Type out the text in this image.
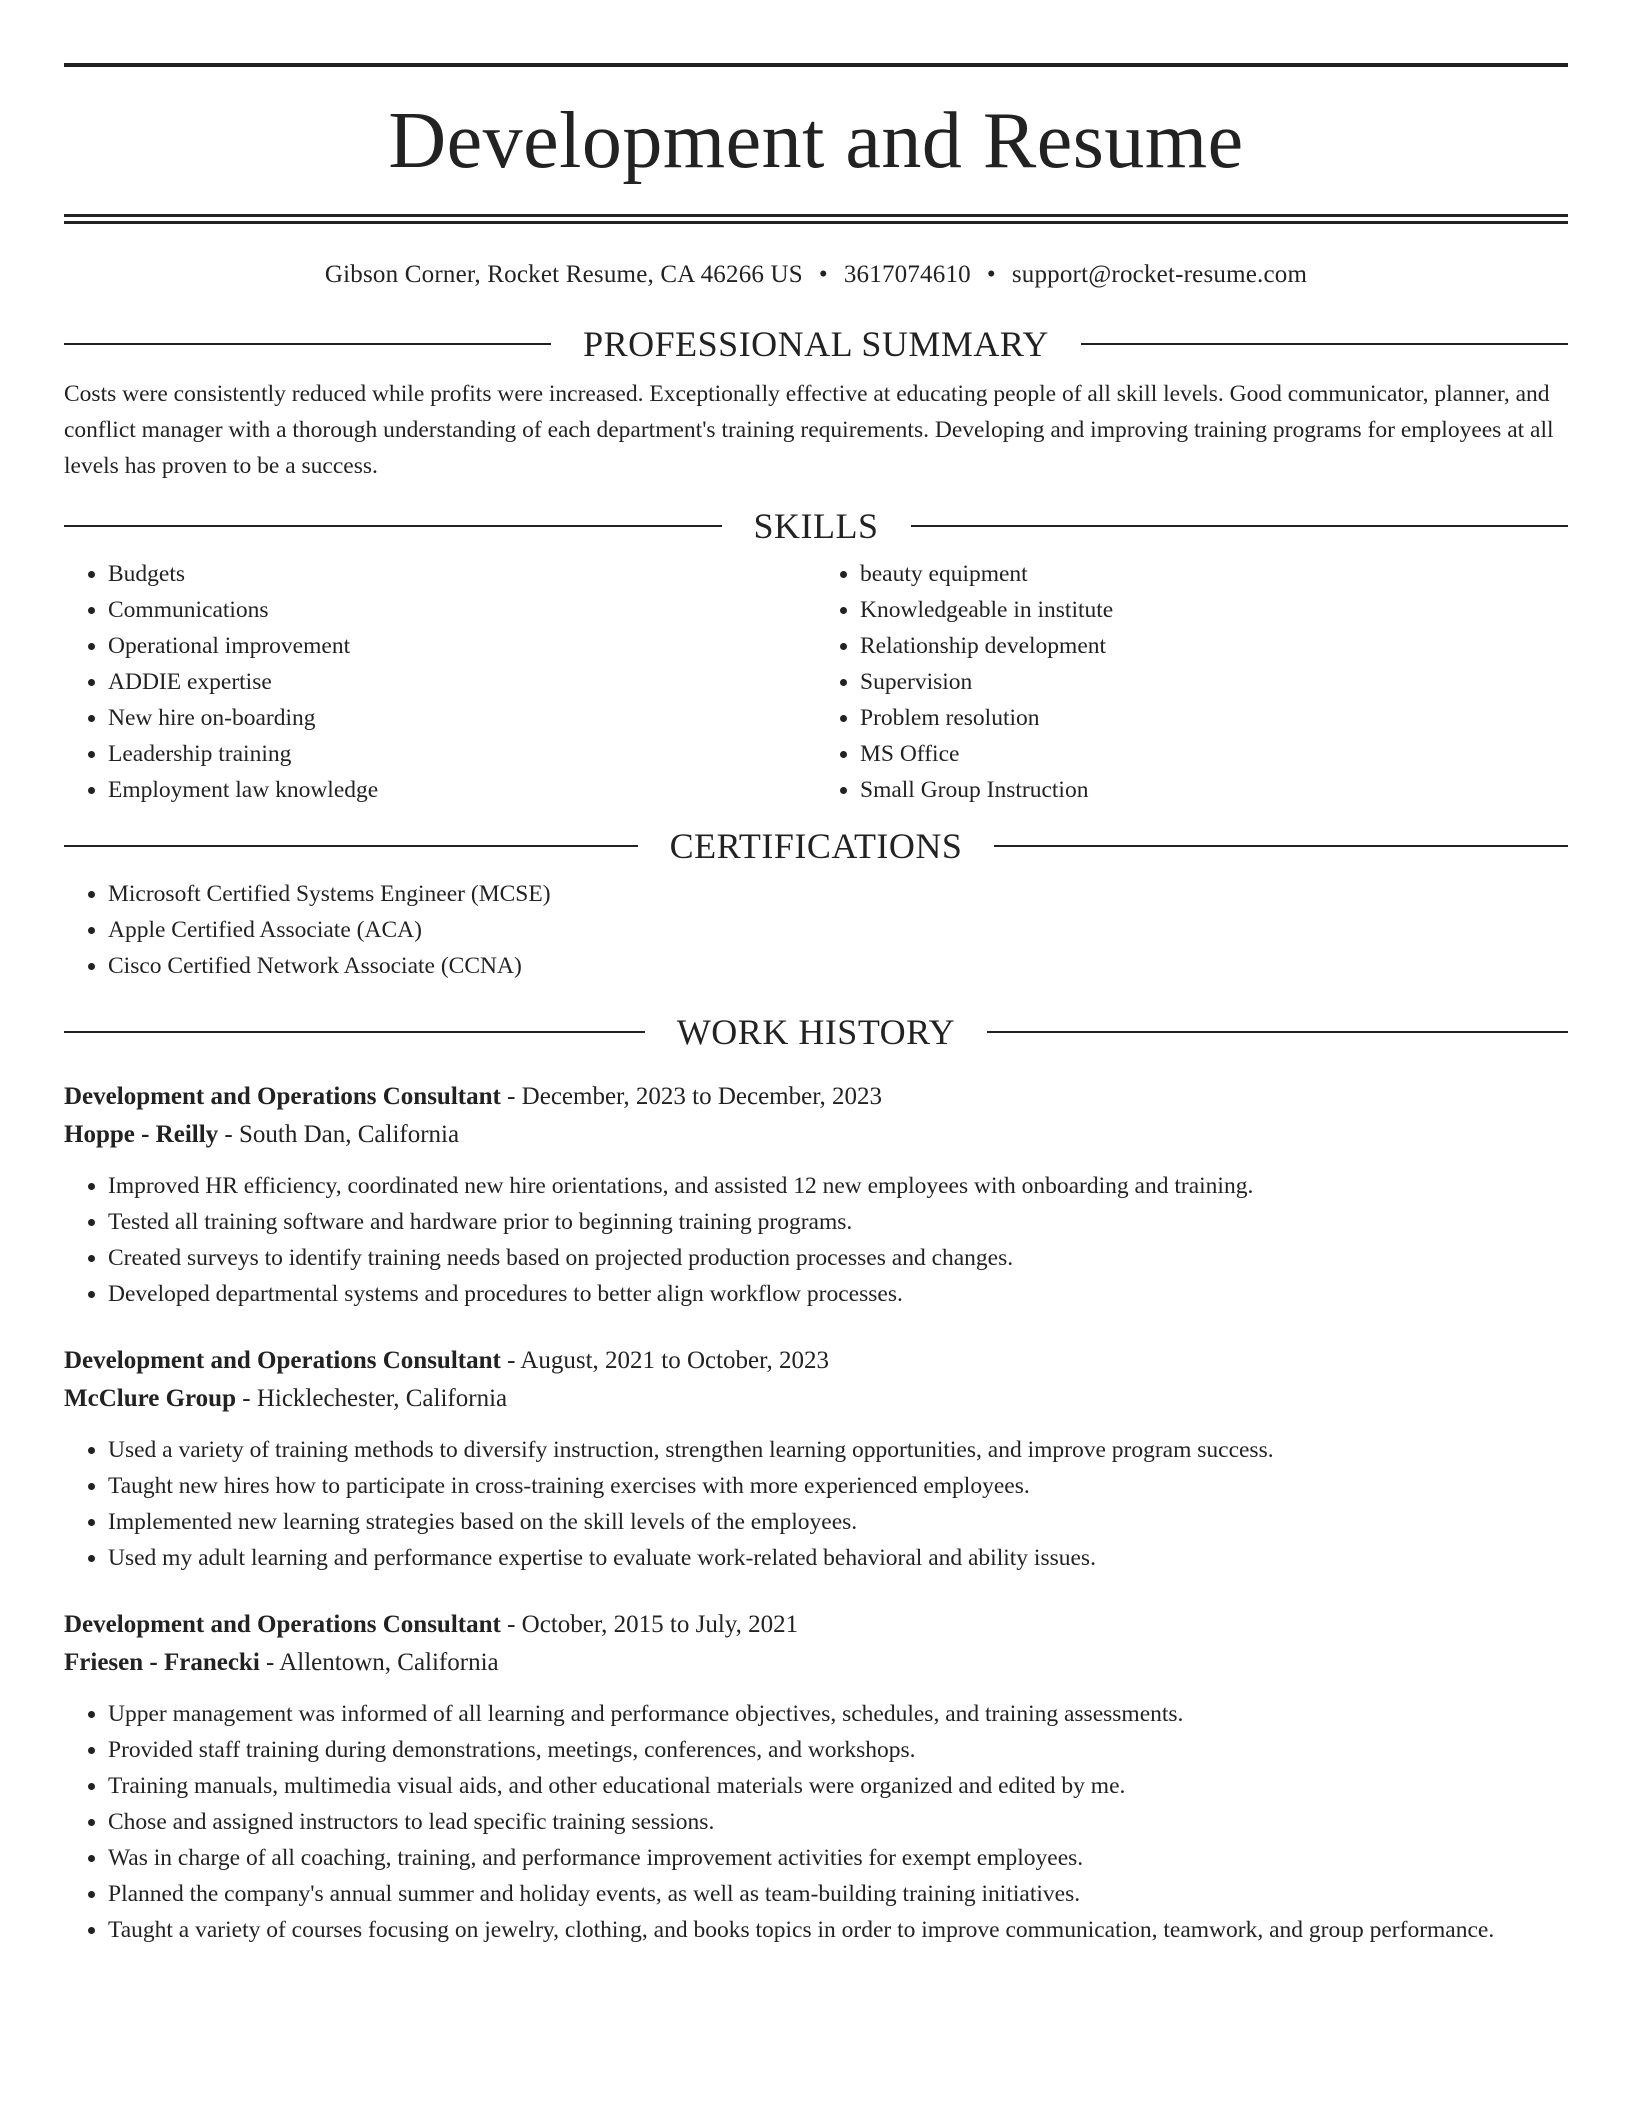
Development and Resume
Gibson Corner, Rocket Resume, CA 46266 US • 3617074610 • support@rocket-resume.com
PROFESSIONAL SUMMARY
Costs were consistently reduced while profits were increased. Exceptionally effective at educating people of all skill levels. Good communicator, planner, and conflict manager with a thorough understanding of each department's training requirements. Developing and improving training programs for employees at all levels has proven to be a success.
SKILLS
• Budgets
• Communications
• Operational improvement
• ADDIE expertise
• New hire on-boarding
• Leadership training
• Employment law knowledge
• beauty equipment
• Knowledgeable in institute
• Relationship development
• Supervision
• Problem resolution
• MS Office
• Small Group Instruction
CERTIFICATIONS
• Microsoft Certified Systems Engineer (MCSE)
• Apple Certified Associate (ACA)
• Cisco Certified Network Associate (CCNA)
WORK HISTORY
Development and Operations Consultant - December, 2023 to December, 2023
Hoppe - Reilly - South Dan, California
• Improved HR efficiency, coordinated new hire orientations, and assisted 12 new employees with onboarding and training.
• Tested all training software and hardware prior to beginning training programs.
• Created surveys to identify training needs based on projected production processes and changes.
• Developed departmental systems and procedures to better align workflow processes.
Development and Operations Consultant - August, 2021 to October, 2023
McClure Group - Hicklechester, California
• Used a variety of training methods to diversify instruction, strengthen learning opportunities, and improve program success.
• Taught new hires how to participate in cross-training exercises with more experienced employees.
• Implemented new learning strategies based on the skill levels of the employees.
• Used my adult learning and performance expertise to evaluate work-related behavioral and ability issues.
Development and Operations Consultant - October, 2015 to July, 2021
Friesen - Franecki - Allentown, California
• Upper management was informed of all learning and performance objectives, schedules, and training assessments.
• Provided staff training during demonstrations, meetings, conferences, and workshops.
• Training manuals, multimedia visual aids, and other educational materials were organized and edited by me.
• Chose and assigned instructors to lead specific training sessions.
• Was in charge of all coaching, training, and performance improvement activities for exempt employees.
• Planned the company's annual summer and holiday events, as well as team-building training initiatives.
• Taught a variety of courses focusing on jewelry, clothing, and books topics in order to improve communication, teamwork, and group performance.
